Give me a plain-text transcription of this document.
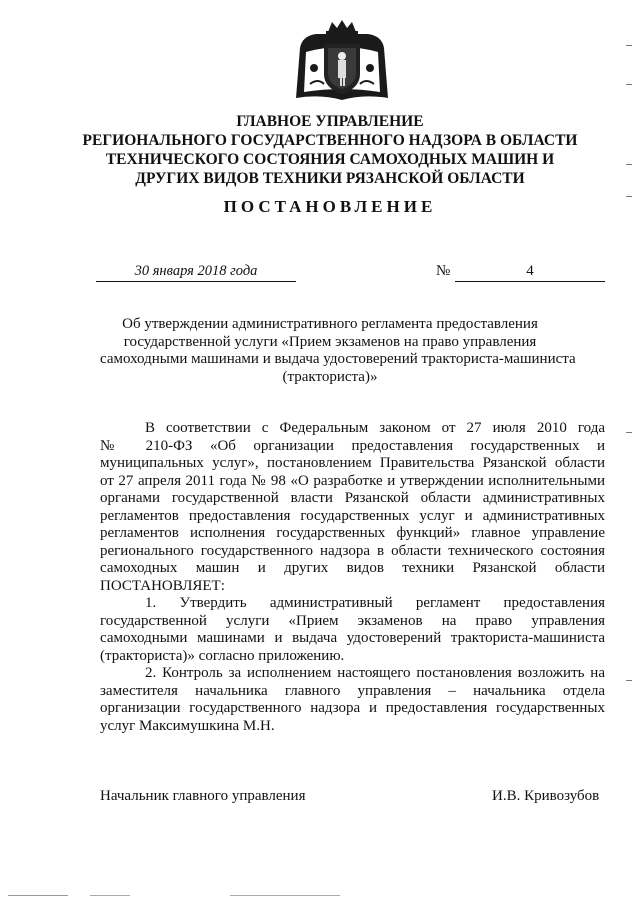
ГЛАВНОЕ УПРАВЛЕНИЕ
РЕГИОНАЛЬНОГО ГОСУДАРСТВЕННОГО НАДЗОРА В ОБЛАСТИ
ТЕХНИЧЕСКОГО СОСТОЯНИЯ САМОХОДНЫХ МАШИН И
ДРУГИХ ВИДОВ ТЕХНИКИ РЯЗАНСКОЙ ОБЛАСТИ
ПОСТАНОВЛЕНИЕ
30 января 2018 года	№	4
Об утверждении административного регламента предоставления
государственной услуги «Прием экзаменов на право управления
самоходными машинами и выдача удостоверений тракториста-машиниста
(тракториста)»

В соответствии с Федеральным законом от 27 июля 2010 года
№ 210-ФЗ «Об организации предоставления государственных и
муниципальных услуг», постановлением Правительства Рязанской области
от 27 апреля 2011 года № 98 «О разработке и утверждении исполнительными
органами государственной власти Рязанской области административных
регламентов предоставления государственных услуг и административных
регламентов исполнения государственных функций» главное управление
регионального государственного надзора в области технического состояния
самоходных машин и других видов техники Рязанской области
ПОСТАНОВЛЯЕТ:

1. Утвердить административный регламент предоставления
государственной услуги «Прием экзаменов на право управления
самоходными машинами и выдача удостоверений тракториста-машиниста
(тракториста)» согласно приложению.

2. Контроль за исполнением настоящего постановления возложить на
заместителя начальника главного управления – начальника отдела
организации государственного надзора и предоставления государственных
услуг Максимушкина М.Н.

Начальник главного управления	И.В. Кривозубов
